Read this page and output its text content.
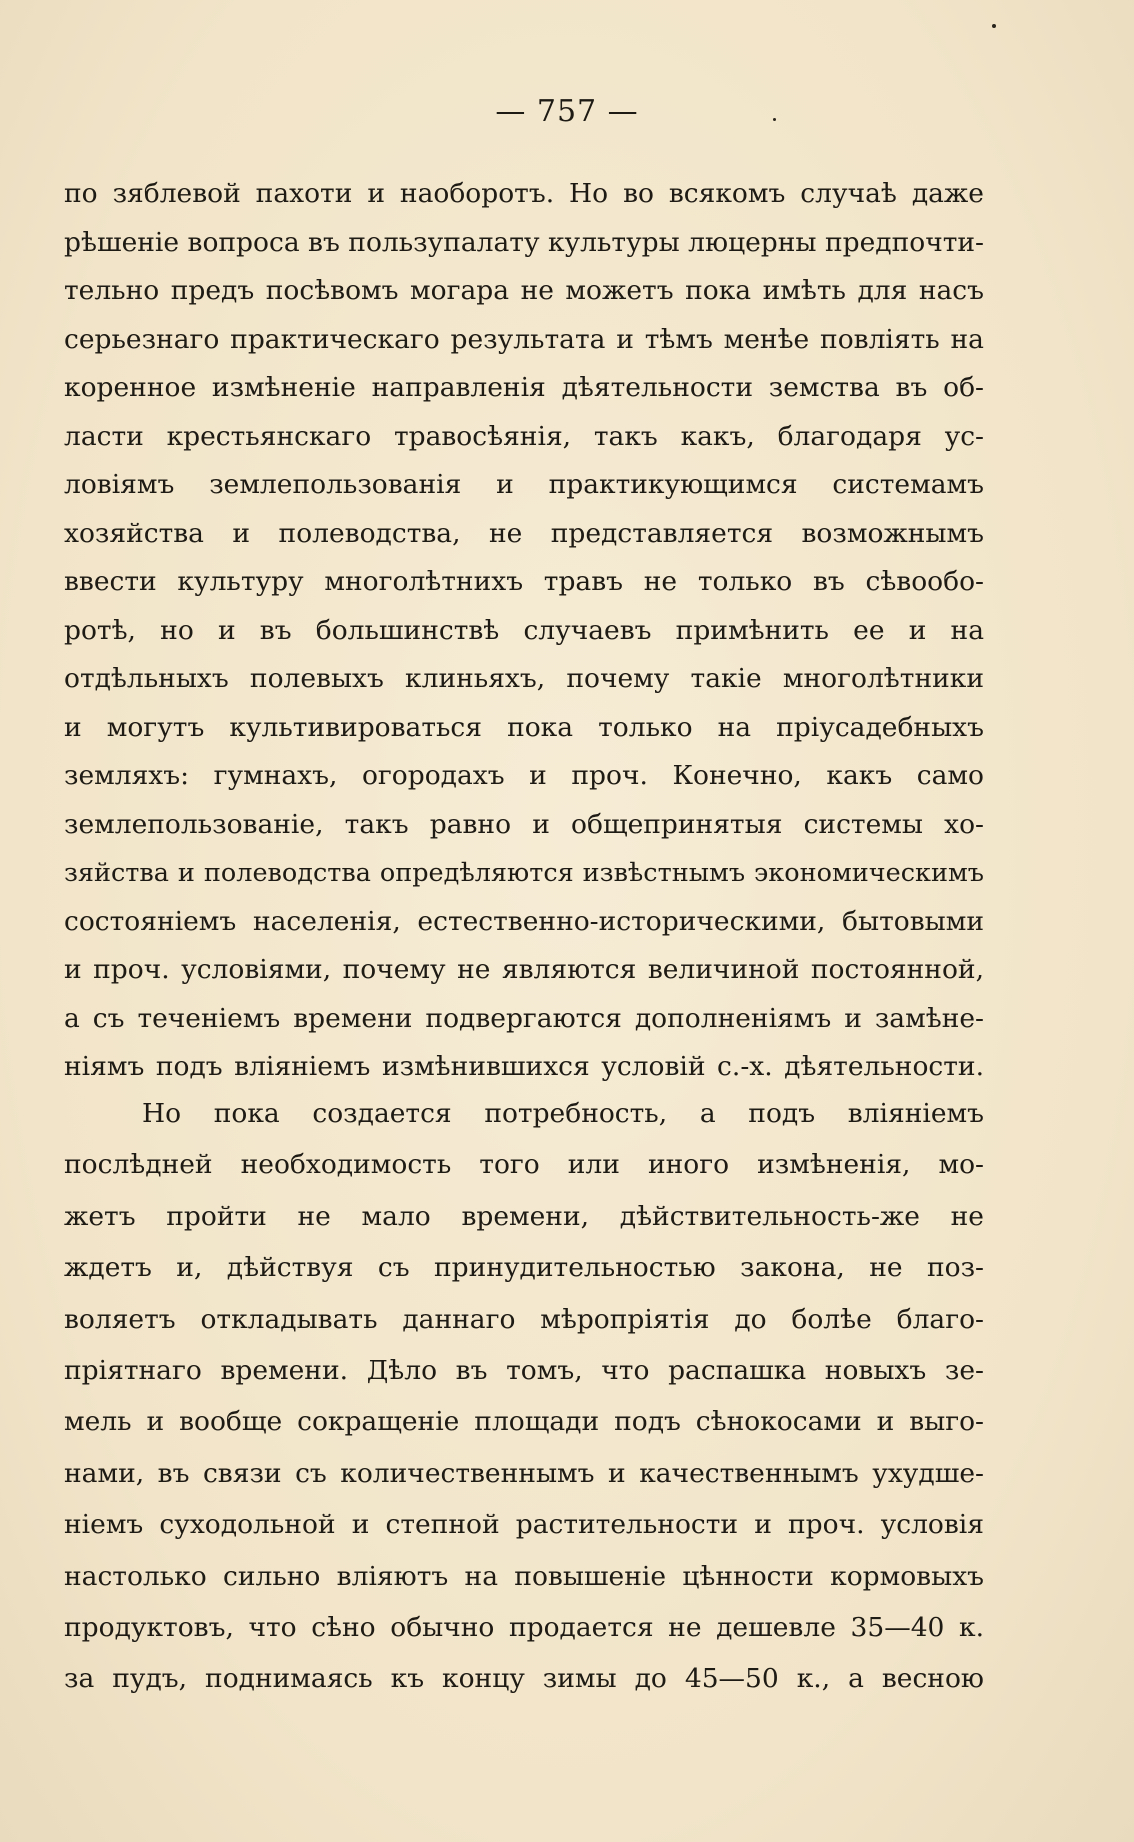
— 757 —
по зяблевой пахоти и наоборотъ. Но во всякомъ случаѣ даже
рѣшеніе вопроса въ пользупалату культуры люцерны предпочти-
тельно предъ посѣвомъ могара не можетъ пока имѣть для насъ
серьезнаго практическаго результата и тѣмъ менѣе повліять на
коренное измѣненіе направленія дѣятельности земства въ об-
ласти крестьянскаго травосѣянія, такъ какъ, благодаря ус-
ловіямъ землепользованія и практикующимся системамъ
хозяйства и полеводства, не представляется возможнымъ
ввести культуру многолѣтнихъ травъ не только въ сѣвообо-
ротѣ, но и въ большинствѣ случаевъ примѣнить ее и на
отдѣльныхъ полевыхъ клиньяхъ, почему такіе многолѣтники
и могутъ культивироваться пока только на пріусадебныхъ
земляхъ: гумнахъ, огородахъ и проч. Конечно, какъ само
землепользованіе, такъ равно и общепринятыя системы хо-
зяйства и полеводства опредѣляются извѣстнымъ экономическимъ
состояніемъ населенія, естественно-историческими, бытовыми
и проч. условіями, почему не являются величиной постоянной,
а съ теченіемъ времени подвергаются дополненіямъ и замѣне-
ніямъ подъ вліяніемъ измѣнившихся условій с.-х. дѣятельности.
Но пока создается потребность, а подъ вліяніемъ
послѣдней необходимость того или иного измѣненія, мо-
жетъ пройти не мало времени, дѣйствительность-же не
ждетъ и, дѣйствуя съ принудительностью закона, не поз-
воляетъ откладывать даннаго мѣропріятія до болѣе благо-
пріятнаго времени. Дѣло въ томъ, что распашка новыхъ зе-
мель и вообще сокращеніе площади подъ сѣнокосами и выго-
нами, въ связи съ количественнымъ и качественнымъ ухудше-
ніемъ суходольной и степной растительности и проч. условія
настолько сильно вліяютъ на повышеніе цѣнности кормовыхъ
продуктовъ, что сѣно обычно продается не дешевле 35—40 к.
за пудъ, поднимаясь къ концу зимы до 45—50 к., а весною
